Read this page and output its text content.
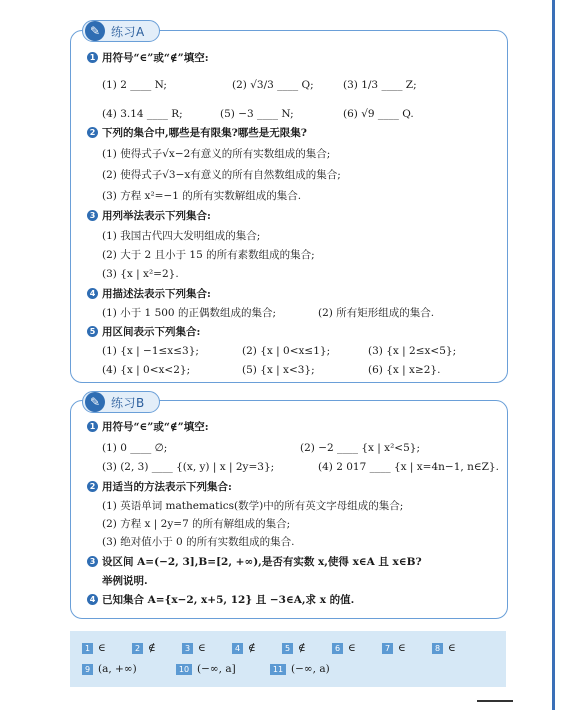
✎ 练习A
1 用符号“∈”或“∉”填空:
(1) 2 ____ N;	(2) √3/3 ____ Q;	(3) 1/3 ____ Z;
(4) 3.14 ____ R;	(5) −3 ____ N;	(6) √9 ____ Q.
2 下列的集合中,哪些是有限集?哪些是无限集?
(1) 使得式子√x−2有意义的所有实数组成的集合;
(2) 使得式子√3−x有意义的所有自然数组成的集合;
(3) 方程 x²=−1 的所有实数解组成的集合.
3 用列举法表示下列集合:
(1) 我国古代四大发明组成的集合;
(2) 大于 2 且小于 15 的所有素数组成的集合;
(3) {x | x²=2}.
4 用描述法表示下列集合:
(1) 小于 1 500 的正偶数组成的集合;	(2) 所有矩形组成的集合.
5 用区间表示下列集合:
(1) {x | −1≤x≤3};	(2) {x | 0<x≤1};	(3) {x | 2≤x<5};
(4) {x | 0<x<2};	(5) {x | x<3};	(6) {x | x≥2}.
✎ 练习B
1 用符号“∈”或“∉”填空:
(1) 0 ____ ∅;	(2) −2 ____ {x | x²<5};
(3) (2, 3) ____ {(x, y) | x | 2y=3};	(4) 2 017 ____ {x | x=4n−1, n∈Z}.
2 用适当的方法表示下列集合:
(1) 英语单词 mathematics(数学)中的所有英文字母组成的集合;
(2) 方程 x | 2y=7 的所有解组成的集合;
(3) 绝对值小于 0 的所有实数组成的集合.
3 设区间 A=(−2, 3],B=[2, +∞),是否有实数 x,使得 x∈A 且 x∈B?
举例说明.
4 已知集合 A={x−2, x+5, 12} 且 −3∈A,求 x 的值.
1 ∈	2 ∉	3 ∈	4 ∉	5 ∉	6 ∈	7 ∈	8 ∈
9 (a, +∞)	10 (−∞, a]	11 (−∞, a)
